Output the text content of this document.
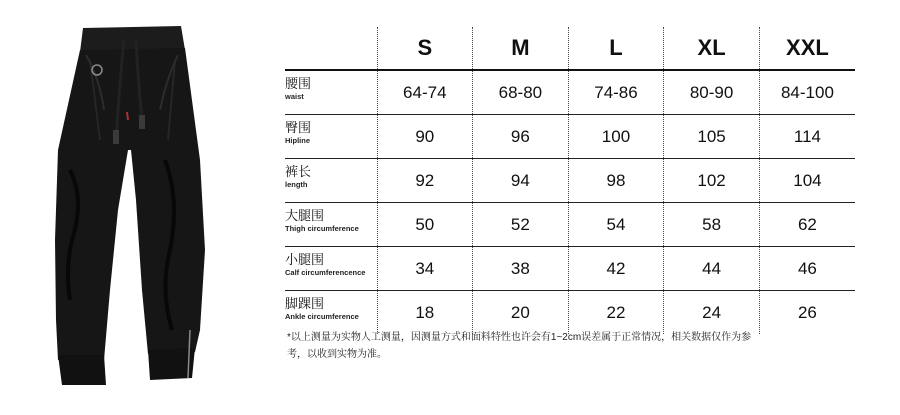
	S	M	L	XL	XXL

腰围
waist	64-74	68-80	74-86	80-90	84-100

臀围
Hipline	90	96	100	105	114

裤长
length	92	94	98	102	104

大腿围
Thigh circumference	50	52	54	58	62

小腿围
Calf circumferencence	34	38	42	44	46

脚踝围
Ankle circumference	18	20	22	24	26
*以上测量为实物人工测量，因测量方式和面料特性也许会有1~2cm误差属于正常情况，相关数据仅作为参考，以收到实物为准。
